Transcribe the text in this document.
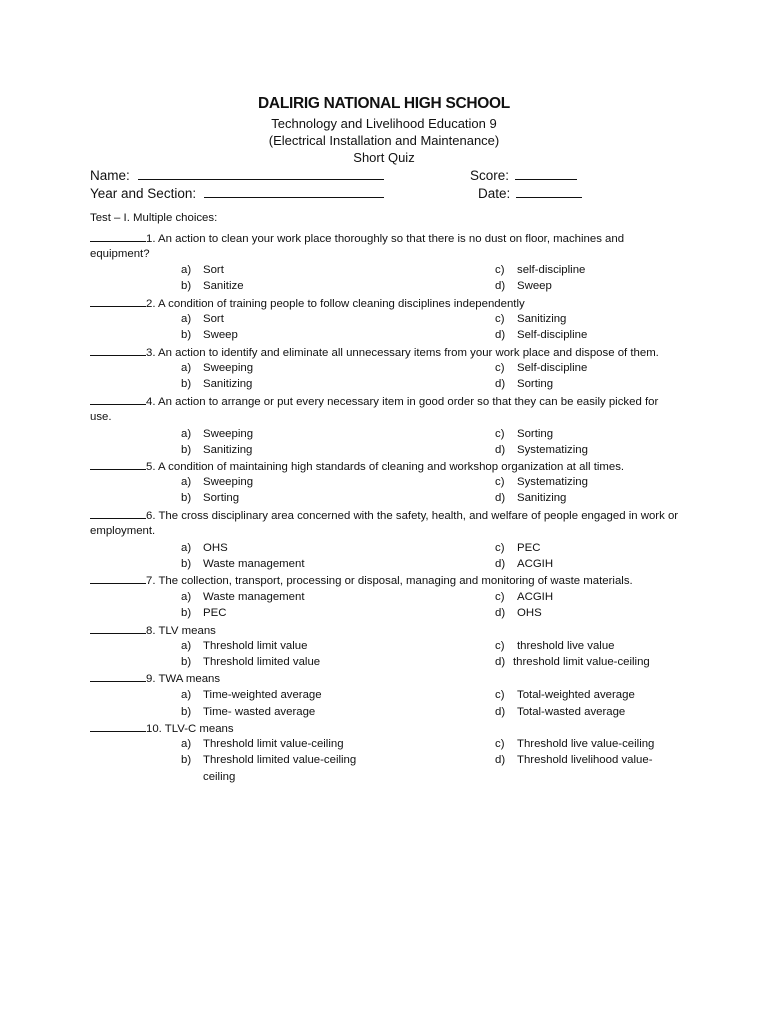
DALIRIG NATIONAL HIGH SCHOOL
Technology and Livelihood Education 9
(Electrical Installation and Maintenance)
Short Quiz
Name:	Score:
Year and Section:	Date:
Test – I. Multiple choices:
1. An action to clean your work place thoroughly so that there is no dust on floor, machines and
equipment?
a) Sort	c) self-discipline
b) Sanitize	d) Sweep
2. A condition of training people to follow cleaning disciplines independently
a) Sort	c) Sanitizing
b) Sweep	d) Self-discipline
3. An action to identify and eliminate all unnecessary items from your work place and dispose of them.
a) Sweeping	c) Self-discipline
b) Sanitizing	d) Sorting
4. An action to arrange or put every necessary item in good order so that they can be easily picked for
use.
a) Sweeping	c) Sorting
b) Sanitizing	d) Systematizing
5. A condition of maintaining high standards of cleaning and workshop organization at all times.
a) Sweeping	c) Systematizing
b) Sorting	d) Sanitizing
6. The cross disciplinary area concerned with the safety, health, and welfare of people engaged in work or
employment.
a) OHS	c) PEC
b) Waste management	d) ACGIH
7. The collection, transport, processing or disposal, managing and monitoring of waste materials.
a) Waste management	c) ACGIH
b) PEC	d) OHS
8. TLV means
a) Threshold limit value	c) threshold live value
b) Threshold limited value	d) threshold limit value-ceiling
9. TWA means
a) Time-weighted average	c) Total-weighted average
b) Time- wasted average	d) Total-wasted average
10. TLV-C means
a) Threshold limit value-ceiling	c) Threshold live value-ceiling
b) Threshold limited value-ceiling	d) Threshold livelihood value-
ceiling
